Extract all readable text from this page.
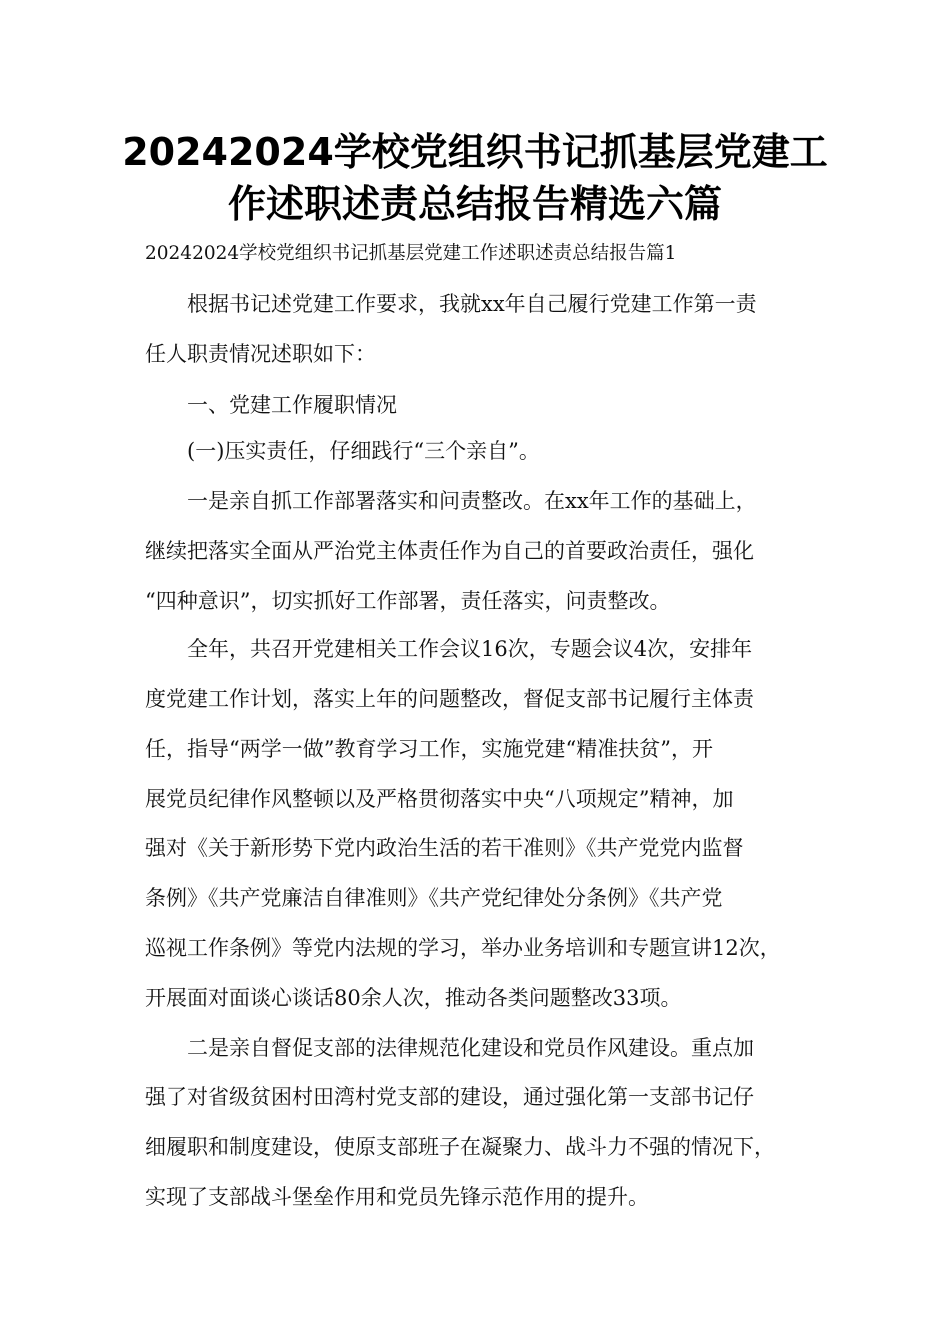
20242024学校党组织书记抓基层党建工
作述职述责总结报告精选六篇

20242024学校党组织书记抓基层党建工作述职述责总结报告篇1

根据书记述党建工作要求，我就xx年自己履行党建工作第一责

任人职责情况述职如下：

一、党建工作履职情况

(一)压实责任，仔细践行“三个亲自”。

一是亲自抓工作部署落实和问责整改。在xx年工作的基础上，

继续把落实全面从严治党主体责任作为自己的首要政治责任，强化

“四种意识”，切实抓好工作部署，责任落实，问责整改。

全年，共召开党建相关工作会议16次，专题会议4次，安排年

度党建工作计划，落实上年的问题整改，督促支部书记履行主体责

任，指导“两学一做”教育学习工作，实施党建“精准扶贫”，开

展党员纪律作风整顿以及严格贯彻落实中央“八项规定”精神，加

强对《关于新形势下党内政治生活的若干准则》《共产党党内监督

条例》《共产党廉洁自律准则》《共产党纪律处分条例》《共产党

巡视工作条例》等党内法规的学习，举办业务培训和专题宣讲12次，

开展面对面谈心谈话80余人次，推动各类问题整改33项。

二是亲自督促支部的法律规范化建设和党员作风建设。重点加

强了对省级贫困村田湾村党支部的建设，通过强化第一支部书记仔

细履职和制度建设，使原支部班子在凝聚力、战斗力不强的情况下，

实现了支部战斗堡垒作用和党员先锋示范作用的提升。
